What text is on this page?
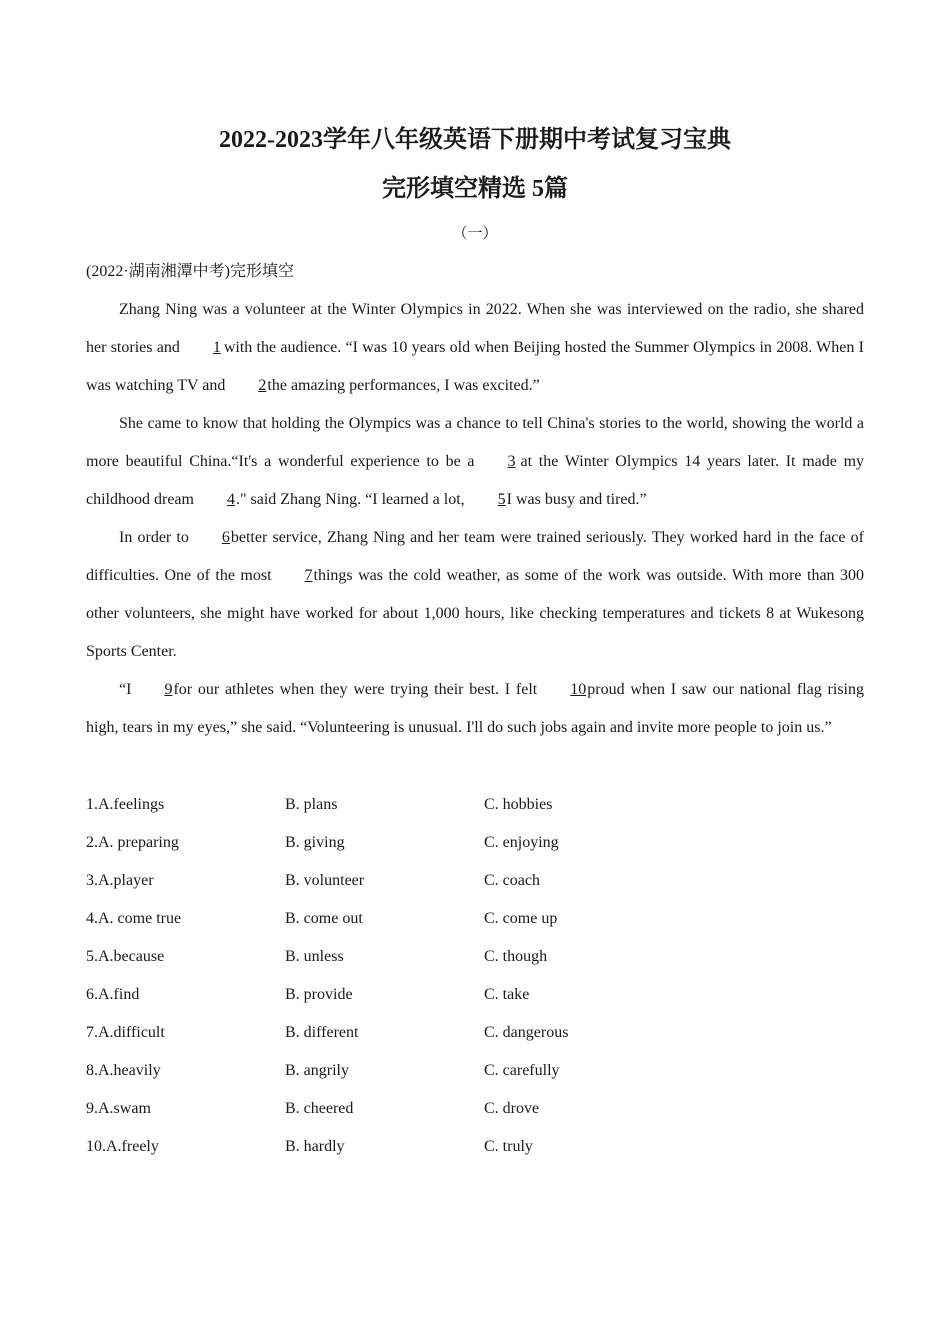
2022-2023学年八年级英语下册期中考试复习宝典
完形填空精选 5篇
（一）
(2022·湖南湘潭中考)完形填空

Zhang Ning was a volunteer at the Winter Olympics in 2022. When she was interviewed on the radio, she shared her stories and 1 with the audience. “I was 10 years old when Beijing hosted the Summer Olympics in 2008. When I was watching TV and 2the amazing performances, I was excited.”

She came to know that holding the Olympics was a chance to tell China's stories to the world, showing the world a more beautiful China.“It's a wonderful experience to be a 3 at the Winter Olympics 14 years later. It made my childhood dream 4." said Zhang Ning. “I learned a lot, 5I was busy and tired.”

In order to 6better service, Zhang Ning and her team were trained seriously. They worked hard in the face of difficulties. One of the most 7things was the cold weather, as some of the work was outside. With more than 300 other volunteers, she might have worked for about 1,000 hours, like checking temperatures and tickets 8 at Wukesong Sports Center.

“I 9for our athletes when they were trying their best. I felt 10proud when I saw our national flag rising high, tears in my eyes,” she said. “Volunteering is unusual. I'll do such jobs again and invite more people to join us.”

1.A.feelings	B. plans	C. hobbies
2.A. preparing	B. giving	C. enjoying
3.A.player	B. volunteer	C. coach
4.A. come true	B. come out	C. come up
5.A.because	B. unless	C. though
6.A.find	B. provide	C. take
7.A.difficult	B. different	C. dangerous
8.A.heavily	B. angrily	C. carefully
9.A.swam	B. cheered	C. drove
10.A.freely	B. hardly	C. truly
